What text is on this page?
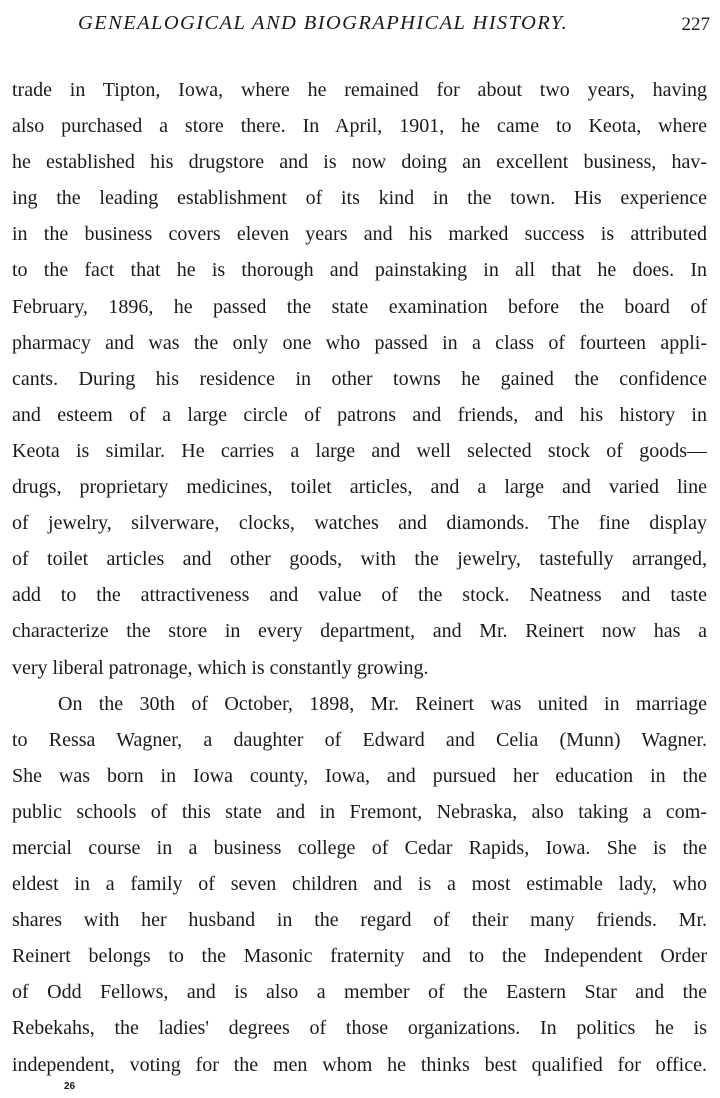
GENEALOGICAL AND BIOGRAPHICAL HISTORY.	227
trade in Tipton, Iowa, where he remained for about two years, having
also purchased a store there. In April, 1901, he came to Keota, where
he established his drugstore and is now doing an excellent business, hav-
ing the leading establishment of its kind in the town. His experience
in the business covers eleven years and his marked success is attributed
to the fact that he is thorough and painstaking in all that he does. In
February, 1896, he passed the state examination before the board of
pharmacy and was the only one who passed in a class of fourteen appli-
cants. During his residence in other towns he gained the confidence
and esteem of a large circle of patrons and friends, and his history in
Keota is similar. He carries a large and well selected stock of goods—
drugs, proprietary medicines, toilet articles, and a large and varied line
of jewelry, silverware, clocks, watches and diamonds. The fine display
of toilet articles and other goods, with the jewelry, tastefully arranged,
add to the attractiveness and value of the stock. Neatness and taste
characterize the store in every department, and Mr. Reinert now has a
very liberal patronage, which is constantly growing.
On the 30th of October, 1898, Mr. Reinert was united in marriage
to Ressa Wagner, a daughter of Edward and Celia (Munn) Wagner.
She was born in Iowa county, Iowa, and pursued her education in the
public schools of this state and in Fremont, Nebraska, also taking a com-
mercial course in a business college of Cedar Rapids, Iowa. She is the
eldest in a family of seven children and is a most estimable lady, who
shares with her husband in the regard of their many friends. Mr.
Reinert belongs to the Masonic fraternity and to the Independent Order
of Odd Fellows, and is also a member of the Eastern Star and the
Rebekahs, the ladies' degrees of those organizations. In politics he is
independent, voting for the men whom he thinks best qualified for office.
26
